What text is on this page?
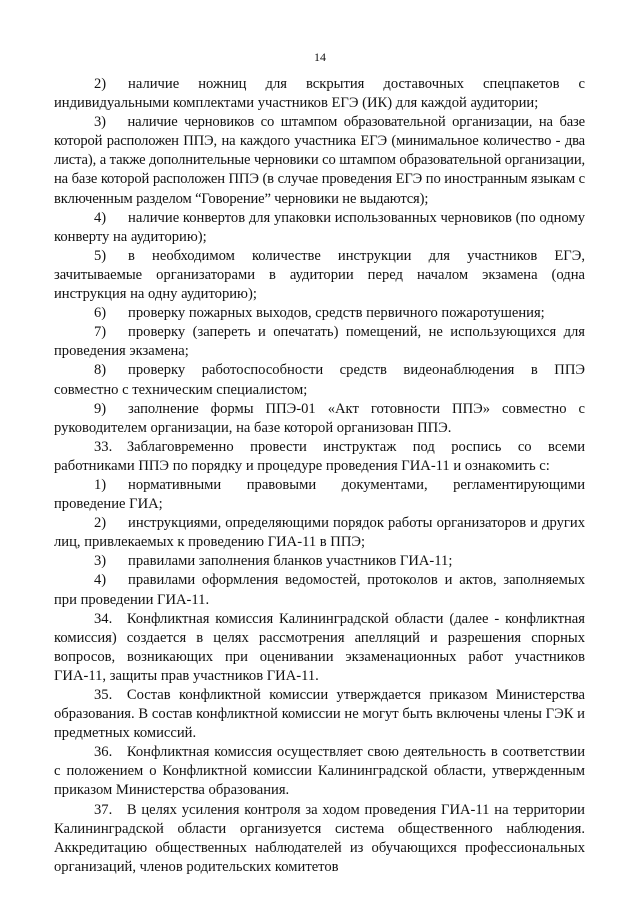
14

2)  наличие ножниц для вскрытия доставочных спецпакетов с индивидуальными комплектами участников ЕГЭ (ИК) для каждой аудитории;

3)  наличие черновиков со штампом образовательной организации, на базе которой расположен ППЭ, на каждого участника ЕГЭ (минимальное количество - два листа), а также дополнительные черновики со штампом образовательной организации, на базе которой расположен ППЭ (в случае проведения ЕГЭ по иностранным языкам с включенным разделом “Говорение” черновики не выдаются);

4)  наличие конвертов для упаковки использованных черновиков (по одному конверту на аудиторию);

5)  в необходимом количестве инструкции для участников ЕГЭ, зачитываемые организаторами в аудитории перед началом экзамена (одна инструкция на одну аудиторию);

6)  проверку пожарных выходов, средств первичного пожаротушения;

7)  проверку (запереть и опечатать) помещений, не использующихся для проведения экзамена;

8)  проверку работоспособности средств видеонаблюдения в ППЭ совместно с техническим специалистом;

9)  заполнение формы ППЭ-01 «Акт готовности ППЭ» совместно с руководителем организации, на базе которой организован ППЭ.

33. Заблаговременно провести инструктаж под роспись со всеми работниками ППЭ по порядку и процедуре проведения ГИА-11 и ознакомить с:

1)  нормативными правовыми документами, регламентирующими проведение ГИА;

2)  инструкциями, определяющими порядок работы организаторов и других лиц, привлекаемых к проведению ГИА-11 в ППЭ;

3)  правилами заполнения бланков участников ГИА-11;

4)  правилами оформления ведомостей, протоколов и актов, заполняемых при проведении ГИА-11.

34. Конфликтная комиссия Калининградской области (далее - конфликтная комиссия) создается в целях рассмотрения апелляций и разрешения спорных вопросов, возникающих при оценивании экзаменационных работ участников ГИА-11, защиты прав участников ГИА-11.

35. Состав конфликтной комиссии утверждается приказом Министерства образования. В состав конфликтной комиссии не могут быть включены члены ГЭК и предметных комиссий.

36. Конфликтная комиссия осуществляет свою деятельность в соответствии с положением о Конфликтной комиссии Калининградской области, утвержденным приказом Министерства образования.

37. В целях усиления контроля за ходом проведения ГИА-11 на территории Калининградской области организуется система общественного наблюдения. Аккредитацию общественных наблюдателей из обучающихся профессиональных организаций, членов родительских комитетов
